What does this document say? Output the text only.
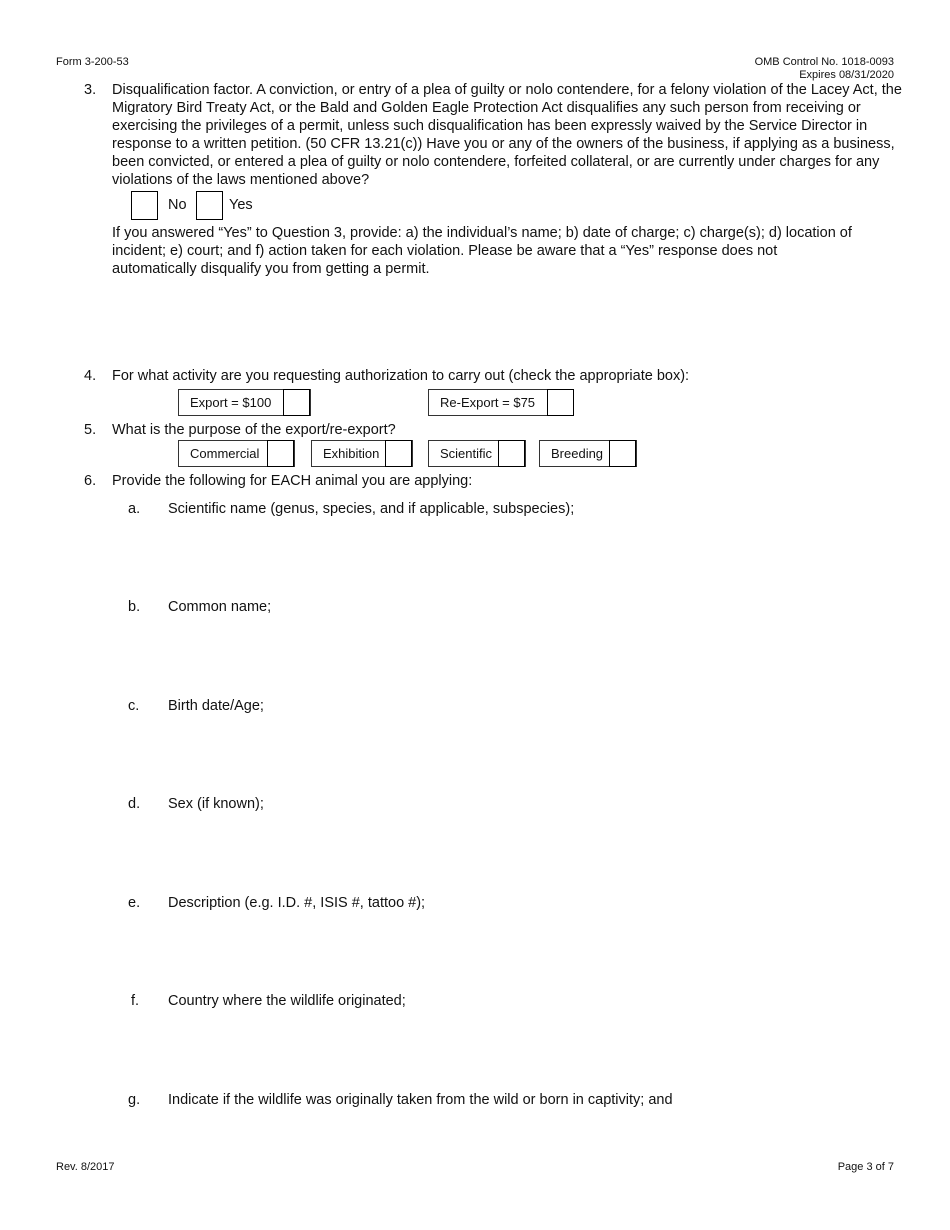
Form 3-200-53	OMB Control No. 1018-0093
Expires 08/31/2020
3. Disqualification factor. A conviction, or entry of a plea of guilty or nolo contendere, for a felony violation of the Lacey Act, the Migratory Bird Treaty Act, or the Bald and Golden Eagle Protection Act disqualifies any such person from receiving or exercising the privileges of a permit, unless such disqualification has been expressly waived by the Service Director in response to a written petition. (50 CFR 13.21(c)) Have you or any of the owners of the business, if applying as a business, been convicted, or entered a plea of guilty or nolo contendere, forfeited collateral, or are currently under charges for any violations of the laws mentioned above?
No	Yes
If you answered “Yes” to Question 3, provide: a) the individual’s name; b) date of charge; c) charge(s); d) location of incident; e) court; and f) action taken for each violation. Please be aware that a “Yes” response does not automatically disqualify you from getting a permit.
4. For what activity are you requesting authorization to carry out (check the appropriate box):
Export = $100	Re-Export = $75
5. What is the purpose of the export/re-export?
Commercial	Exhibition	Scientific	Breeding
6. Provide the following for EACH animal you are applying:
a.	Scientific name (genus, species, and if applicable, subspecies);
b.	Common name;
c.	Birth date/Age;
d.	Sex (if known);
e.	Description (e.g. I.D. #, ISIS #, tattoo #);
f.	Country where the wildlife originated;
g.	Indicate if the wildlife was originally taken from the wild or born in captivity; and
Rev. 8/2017	Page 3 of 7
